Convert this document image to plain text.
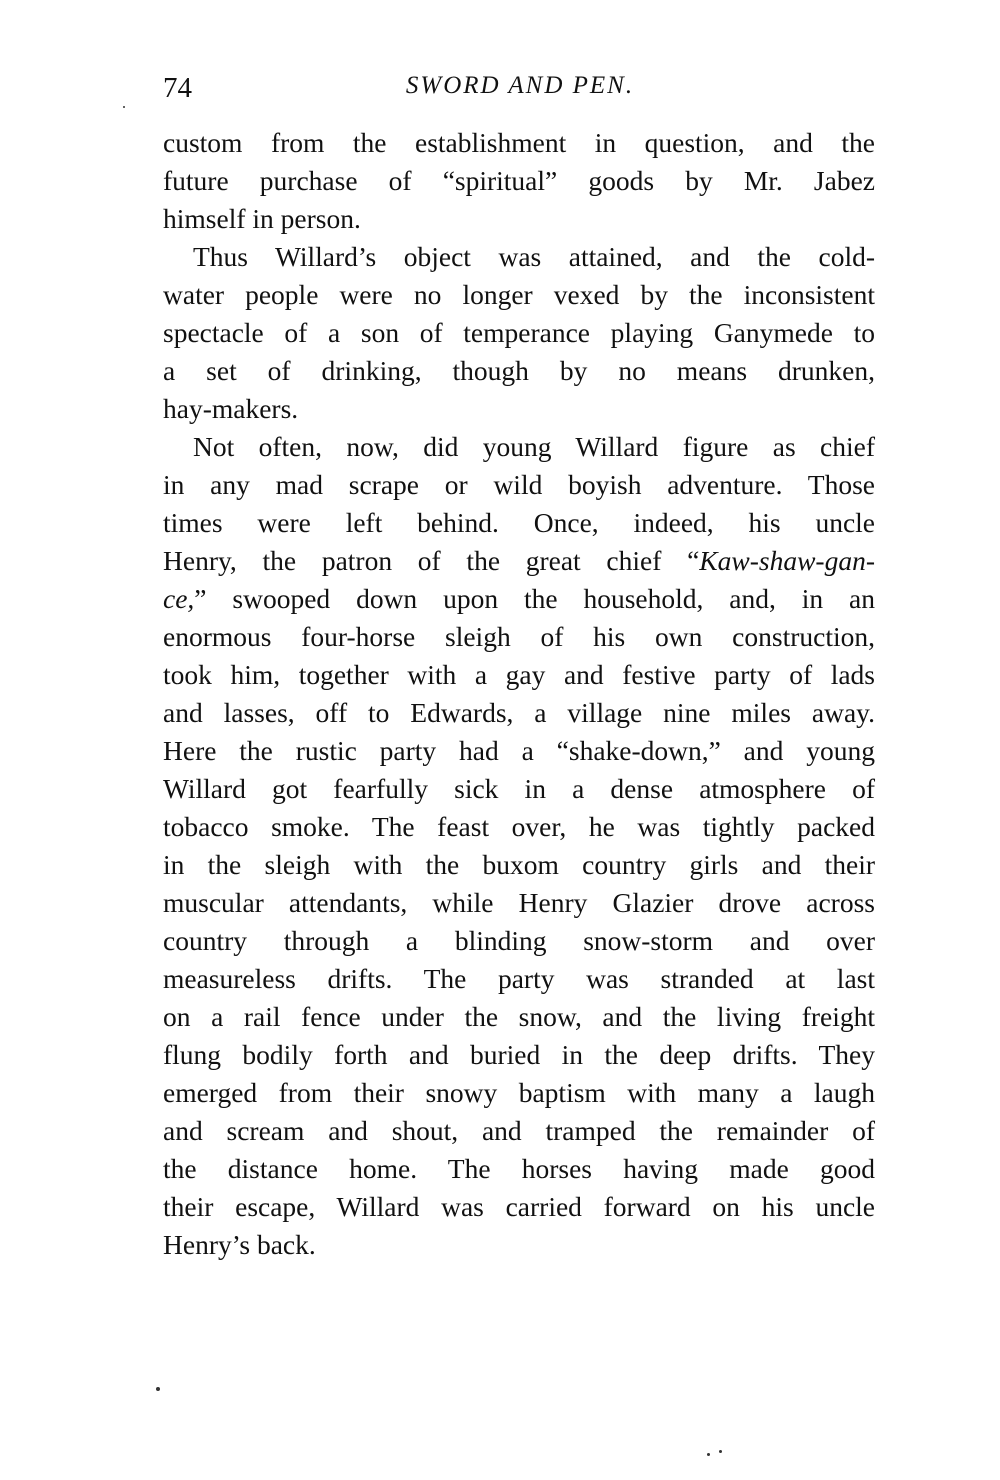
74	SWORD AND PEN.
custom from the establishment in question, and the
future purchase of “spiritual” goods by Mr. Jabez
himself in person.
Thus Willard’s object was attained, and the cold-
water people were no longer vexed by the inconsistent
spectacle of a son of temperance playing Ganymede to
a set of drinking, though by no means drunken,
hay-makers.
Not often, now, did young Willard figure as chief
in any mad scrape or wild boyish adventure. Those
times were left behind. Once, indeed, his uncle
Henry, the patron of the great chief “Kaw-shaw-gan-
ce,” swooped down upon the household, and, in an
enormous four-horse sleigh of his own construction,
took him, together with a gay and festive party of lads
and lasses, off to Edwards, a village nine miles away.
Here the rustic party had a “shake-down,” and young
Willard got fearfully sick in a dense atmosphere of
tobacco smoke. The feast over, he was tightly packed
in the sleigh with the buxom country girls and their
muscular attendants, while Henry Glazier drove across
country through a blinding snow-storm and over
measureless drifts. The party was stranded at last
on a rail fence under the snow, and the living freight
flung bodily forth and buried in the deep drifts. They
emerged from their snowy baptism with many a laugh
and scream and shout, and tramped the remainder of
the distance home. The horses having made good
their escape, Willard was carried forward on his uncle
Henry’s back.
